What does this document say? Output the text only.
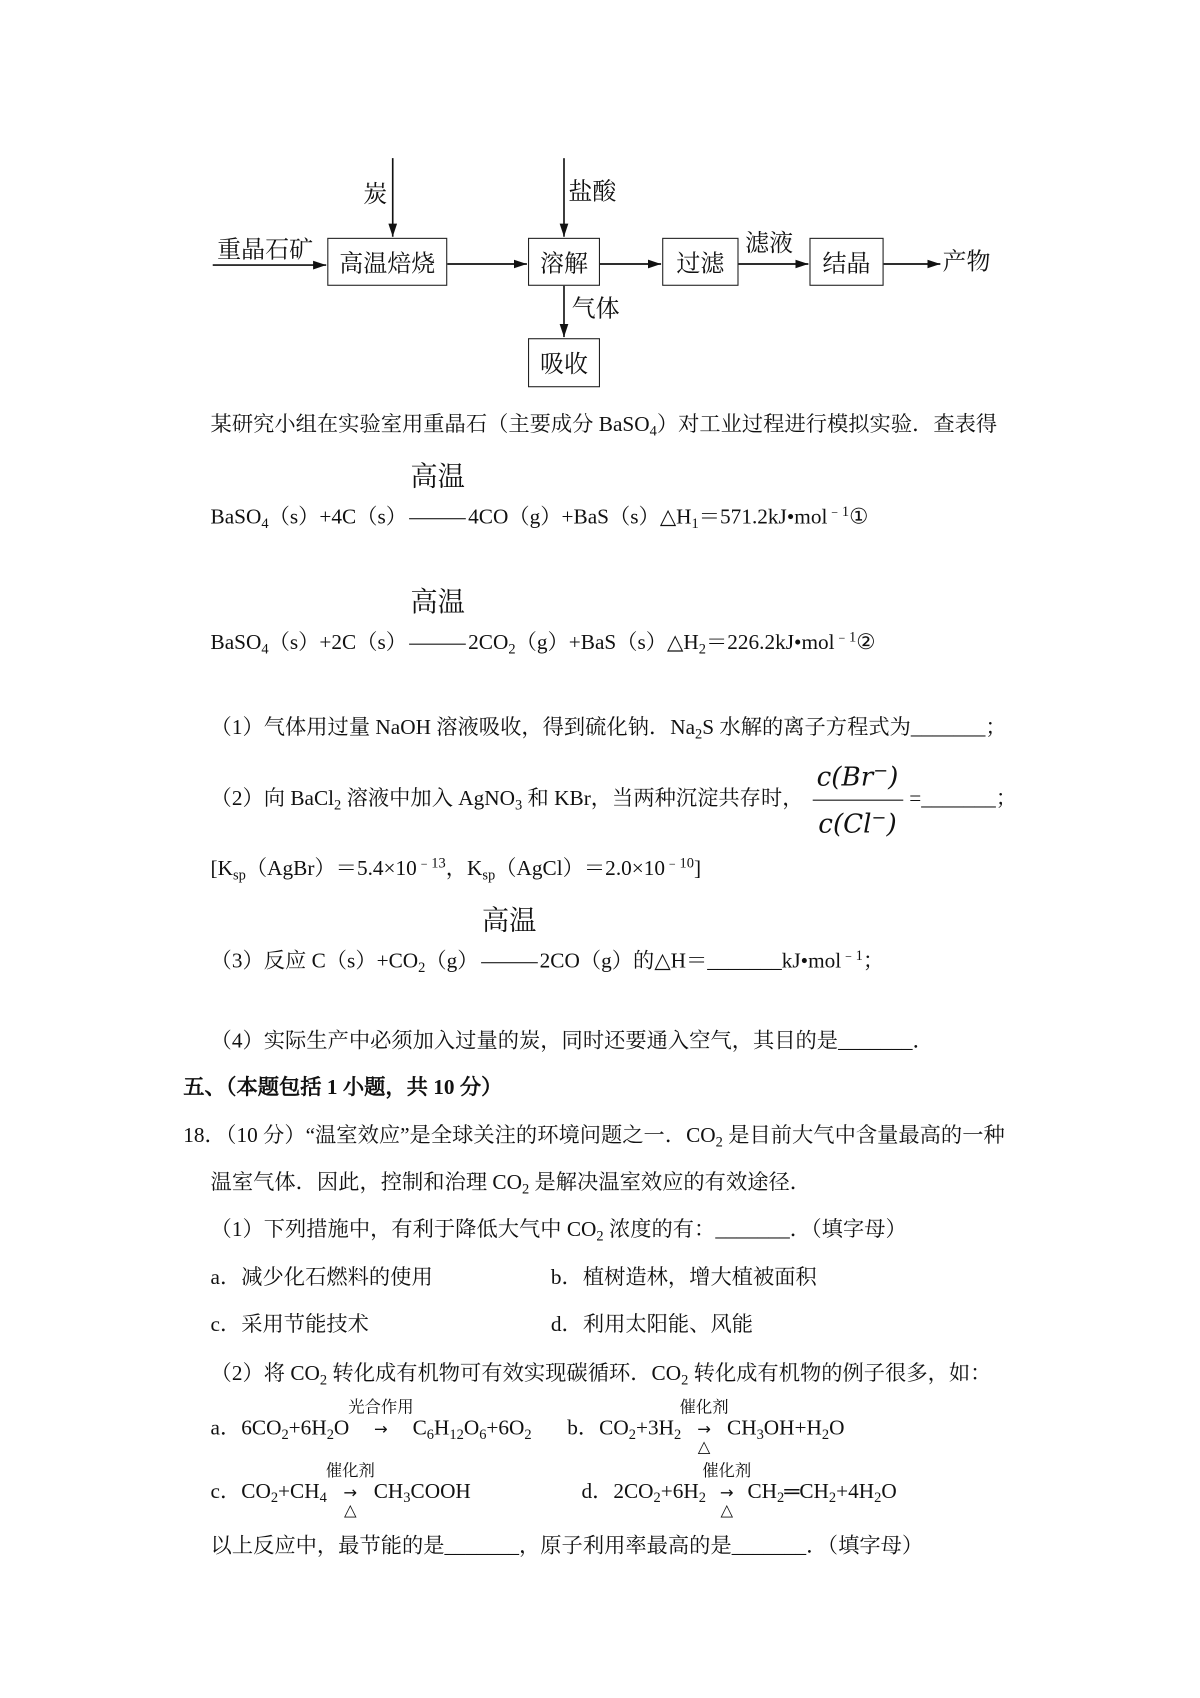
炭	盐酸
重晶石矿	高温焙烧	溶解	过滤
滤液
结晶	产物
气体
吸收
某研究小组在实验室用重晶石（主要成分 BaSO$_4$）对工业过程进行模拟实验．查表得
BaSO$_4$（s）+4C（s）
高温
$4CO(g)+BaS(s)\triangle H_1=571.2kJ•mol^{﹣1}①$
BaSO$_4$（s）+2C（s）
高温
$2CO_2(g)+BaS(s)\triangle H_2=226.2kJ•mol^{﹣1}②$
（1）气体用过量 NaOH 溶液吸收，得到硫化钠．$Na_2S$ 水解的离子方程式为_______；
（2）向 BaCl$_2$ 溶液中加入 AgNO$_3$ 和 KBr，当两种沉淀共存时， $\frac{c(Br^-)}{c(Cl^-)}$ =_______；
[$K_{sp}(AgBr)=5.4\times 10^{﹣13}$，$K_{sp}(AgCl)=2.0\times 10^{﹣10}$]
（3）反应 $C(s)+CO_2(g)$
高温
2CO（g）的△H＝_______kJ•mol$^{﹣1}$；
（4）实际生产中必须加入过量的炭，同时还要通入空气，其目的是_______．
五、（本题包括 1 小题，共 10 分）
18．（10 分）“温室效应”是全球关注的环境问题之一．$CO_2$ 是目前大气中含量最高的一种
温室气体．因此，控制和治理 $CO_2$ 是解决温室效应的有效途径．
（1）下列措施中，有利于降低大气中 $CO_2$ 浓度的有：_______．（填字母）
a．减少化石燃料的使用	b．植树造林，增大植被面积
c．采用节能技术	d．利用太阳能、风能
（2）将 $CO_2$ 转化成有机物可有效实现碳循环．$CO_2$ 转化成有机物的例子很多，如：
a．$6CO_2+6H_2O$
光合作用
→ $C_6H_{12}O_6+6O_2$ b．$CO_2+3H_2$
催化剂
→
△
$CH_3OH+H_2O$
c．$CO_2+CH_4$
催化剂
→
△
$CH_3COOH$	d．$2CO_2+6H_2$
催化剂
→
△
$CH_2═CH_2+4H_2O$
以上反应中，最节能的是_______，原子利用率最高的是_______．（填字母）
